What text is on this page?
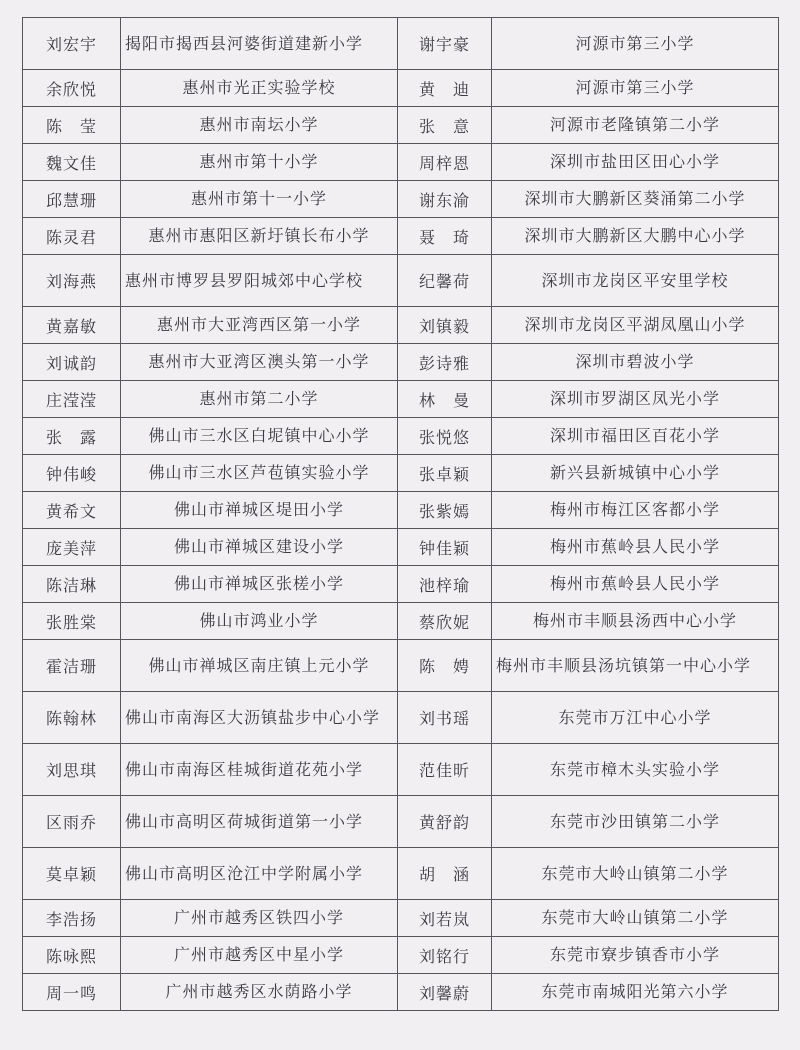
刘宏宇	揭阳市揭西县河婆街道建新小学	谢宇豪	河源市第三小学
余欣悦	惠州市光正实验学校	黄　迪	河源市第三小学
陈　莹	惠州市南坛小学	张　意	河源市老隆镇第二小学
魏文佳	惠州市第十小学	周梓恩	深圳市盐田区田心小学
邱慧珊	惠州市第十一小学	谢东渝	深圳市大鹏新区葵涌第二小学
陈灵君	惠州市惠阳区新圩镇长布小学	聂　琦	深圳市大鹏新区大鹏中心小学
刘海燕	惠州市博罗县罗阳城郊中心学校	纪馨荷	深圳市龙岗区平安里学校
黄嘉敏	惠州市大亚湾西区第一小学	刘镇毅	深圳市龙岗区平湖凤凰山小学
刘诚韵	惠州市大亚湾区澳头第一小学	彭诗雅	深圳市碧波小学
庄滢滢	惠州市第二小学	林　曼	深圳市罗湖区凤光小学
张　露	佛山市三水区白坭镇中心小学	张悦悠	深圳市福田区百花小学
钟伟峻	佛山市三水区芦苞镇实验小学	张卓颖	新兴县新城镇中心小学
黄希文	佛山市禅城区堤田小学	张紫嫣	梅州市梅江区客都小学
庞美萍	佛山市禅城区建设小学	钟佳颖	梅州市蕉岭县人民小学
陈洁琳	佛山市禅城区张槎小学	池梓瑜	梅州市蕉岭县人民小学
张胜棠	佛山市鸿业小学	蔡欣妮	梅州市丰顺县汤西中心小学
霍洁珊	佛山市禅城区南庄镇上元小学	陈　娉	梅州市丰顺县汤坑镇第一中心小学
陈翰林	佛山市南海区大沥镇盐步中心小学	刘书瑶	东莞市万江中心小学
刘思琪	佛山市南海区桂城街道花苑小学	范佳昕	东莞市樟木头实验小学
区雨乔	佛山市高明区荷城街道第一小学	黄舒韵	东莞市沙田镇第二小学
莫卓颖	佛山市高明区沧江中学附属小学	胡　涵	东莞市大岭山镇第二小学
李浩扬	广州市越秀区铁四小学	刘若岚	东莞市大岭山镇第二小学
陈咏熙	广州市越秀区中星小学	刘铭行	东莞市寮步镇香市小学
周一鸣	广州市越秀区水荫路小学	刘馨蔚	东莞市南城阳光第六小学
